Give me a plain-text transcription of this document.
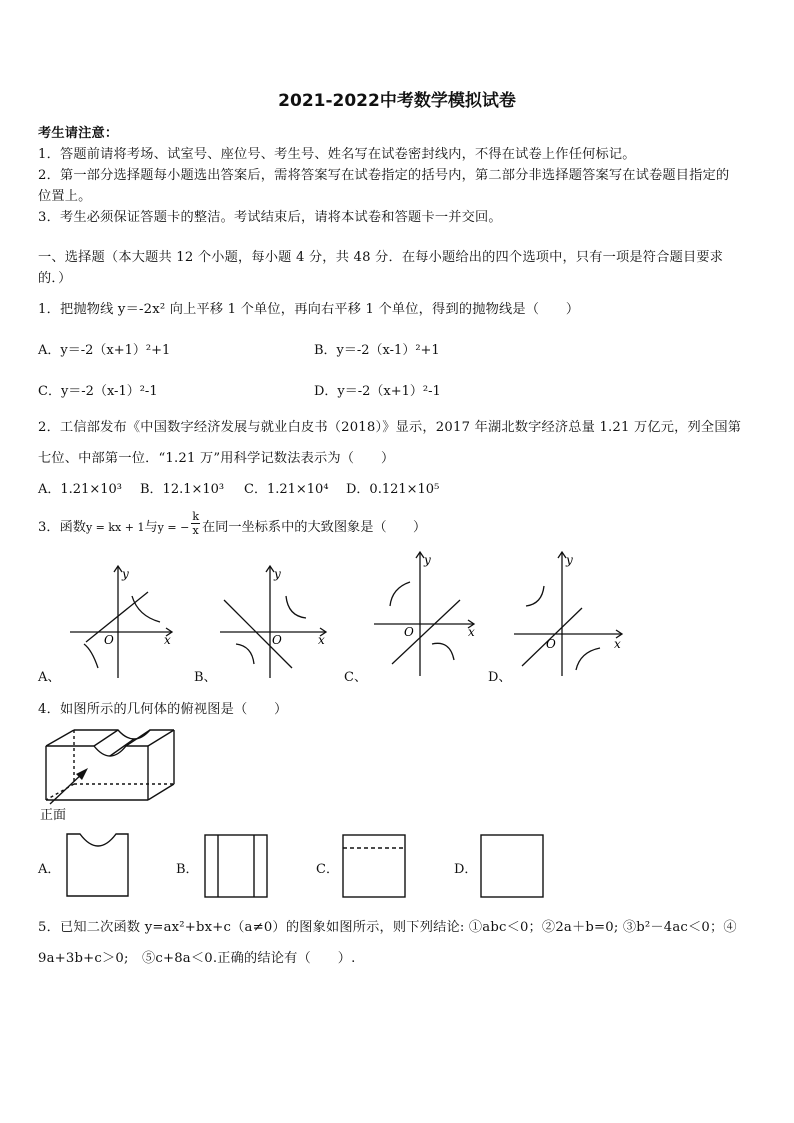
2021-2022中考数学模拟试卷
考生请注意：
1．答题前请将考场、试室号、座位号、考生号、姓名写在试卷密封线内，不得在试卷上作任何标记。
2．第一部分选择题每小题选出答案后，需将答案写在试卷指定的括号内，第二部分非选择题答案写在试卷题目指定的
位置上。
3．考生必须保证答题卡的整洁。考试结束后，请将本试卷和答题卡一并交回。
一、选择题（本大题共 12 个小题，每小题 4 分，共 48 分．在每小题给出的四个选项中，只有一项是符合题目要求
的．）
1．把抛物线 y＝-2x² 向上平移 1 个单位，再向右平移 1 个单位，得到的抛物线是（　　）
A．y＝-2（x+1）²+1	B．y＝-2（x-1）²+1
C．y＝-2（x-1）²-1	D．y＝-2（x+1）²-1
2．工信部发布《中国数字经济发展与就业白皮书（2018）》显示，2017 年湖北数字经济总量 1.21 万亿元，列全国第
七位、中部第一位．“1.21 万”用科学记数法表示为（　　）
A．1.21×10³ B．12.1×10³ C．1.21×10⁴ D．0.121×10⁵
3．函数$_{y = kx + 1}$与$_{y = -} \frac{k}{x}$ 在同一坐标系中的大致图象是（　　）
y
x
O
A、
y
x
O
B、
y
x
O
C、
y
x
O
D、
4．如图所示的几何体的俯视图是（　　）
正面
A．	B．	C．	D．
5．已知二次函数 y=ax²+bx+c（a≠0）的图象如图所示，则下列结论: ①abc＜0；②2a＋b=0; ③b²－4ac＜0；④
9a+3b+c＞0;　⑤c+8a＜0.正确的结论有（　　）.
